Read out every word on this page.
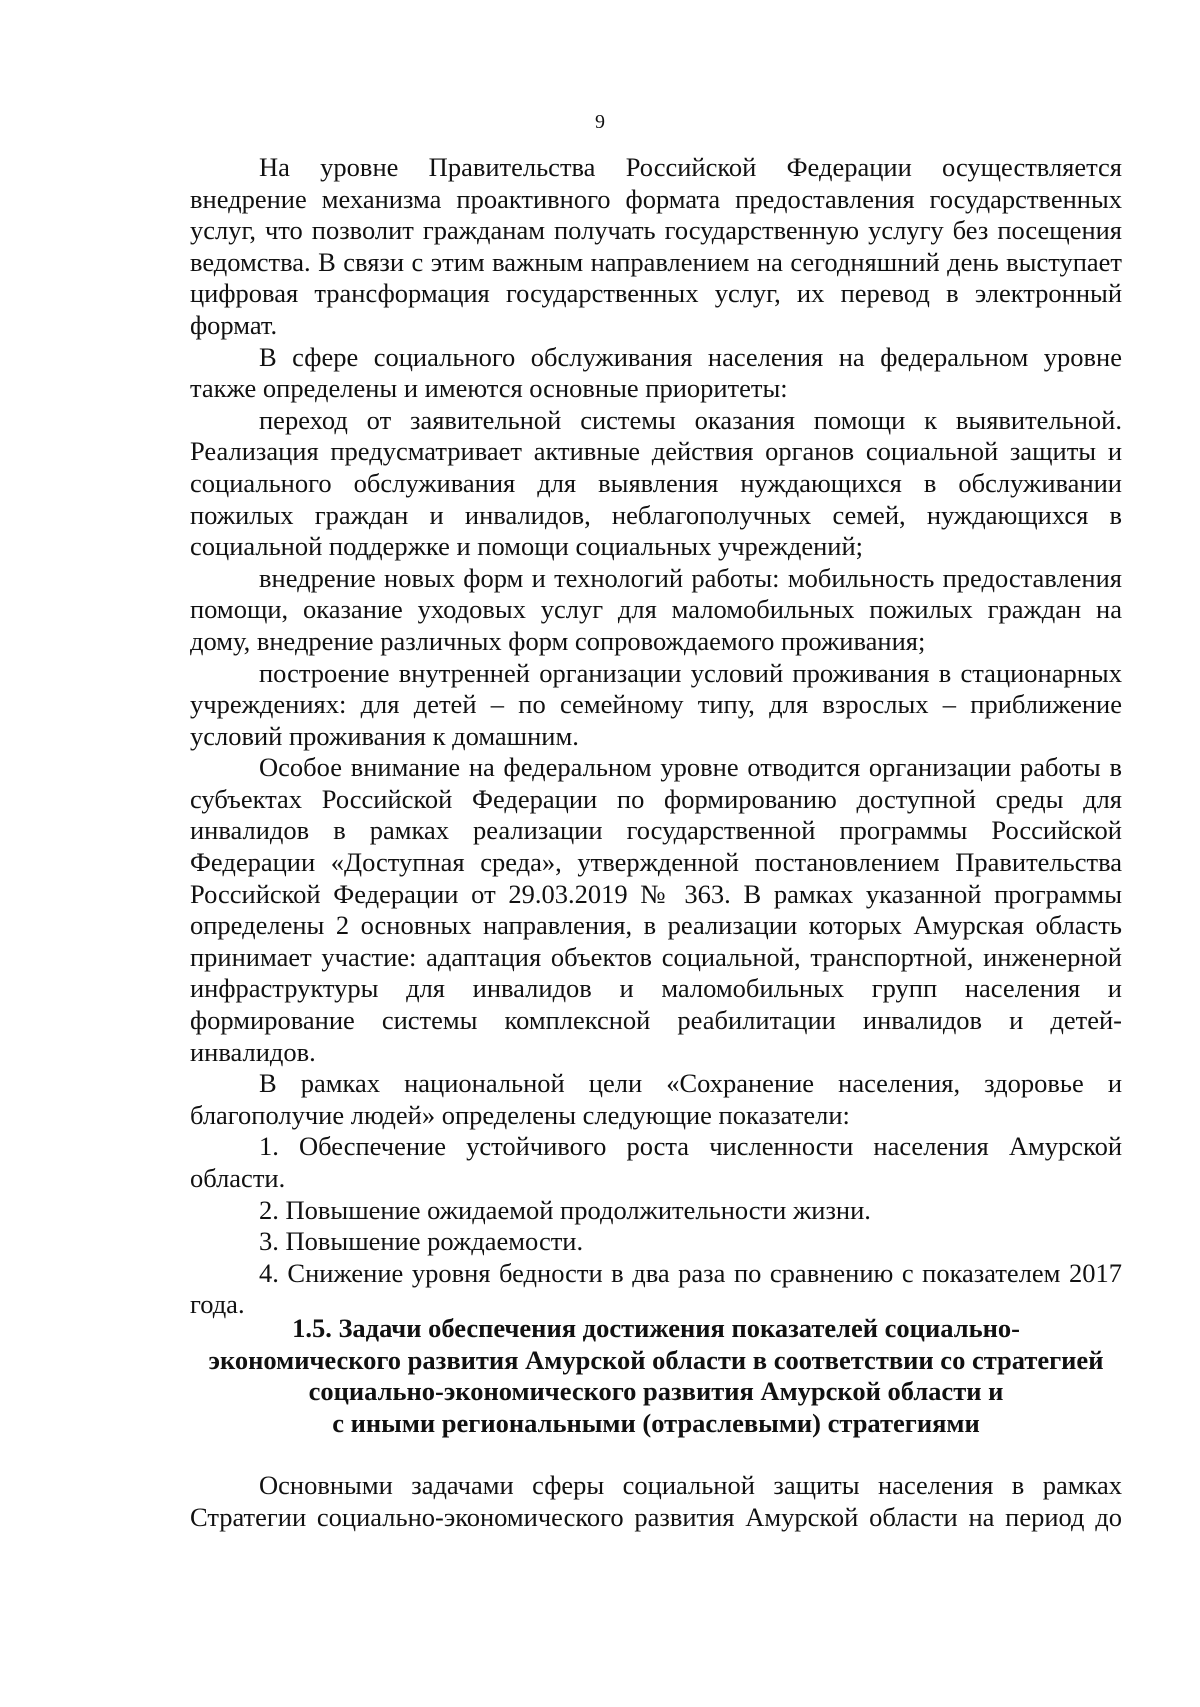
9

На уровне Правительства Российской Федерации осуществляется внедрение механизма проактивного формата предоставления государственных услуг, что позволит гражданам получать государственную услугу без посещения ведомства. В связи с этим важным направлением на сегодняшний день выступает цифровая трансформация государственных услуг, их перевод в электронный формат.

В сфере социального обслуживания населения на федеральном уровне также определены и имеются основные приоритеты:

переход от заявительной системы оказания помощи к выявительной. Реализация предусматривает активные действия органов социальной защиты и социального обслуживания для выявления нуждающихся в обслуживании пожилых граждан и инвалидов, неблагополучных семей, нуждающихся в социальной поддержке и помощи социальных учреждений;

внедрение новых форм и технологий работы: мобильность предоставления помощи, оказание уходовых услуг для маломобильных пожилых граждан на дому, внедрение различных форм сопровождаемого проживания;

построение внутренней организации условий проживания в стационарных учреждениях: для детей – по семейному типу, для взрослых – приближение условий проживания к домашним.

Особое внимание на федеральном уровне отводится организации работы в субъектах Российской Федерации по формированию доступной среды для инвалидов в рамках реализации государственной программы Российской Федерации «Доступная среда», утвержденной постановлением Правительства Российской Федерации от 29.03.2019 № 363. В рамках указанной программы определены 2 основных направления, в реализации которых Амурская область принимает участие: адаптация объектов социальной, транспортной, инженерной инфраструктуры для инвалидов и маломобильных групп населения и формирование системы комплексной реабилитации инвалидов и детей-инвалидов.

В рамках национальной цели «Сохранение населения, здоровье и благополучие людей» определены следующие показатели:

1. Обеспечение устойчивого роста численности населения Амурской области.

2. Повышение ожидаемой продолжительности жизни.

3. Повышение рождаемости.

4. Снижение уровня бедности в два раза по сравнению с показателем 2017 года.

1.5. Задачи обеспечения достижения показателей социально-
экономического развития Амурской области в соответствии со стратегией
социально-экономического развития Амурской области и
с иными региональными (отраслевыми) стратегиями

Основными задачами сферы социальной защиты населения в рамках Стратегии социально-экономического развития Амурской области на период до
